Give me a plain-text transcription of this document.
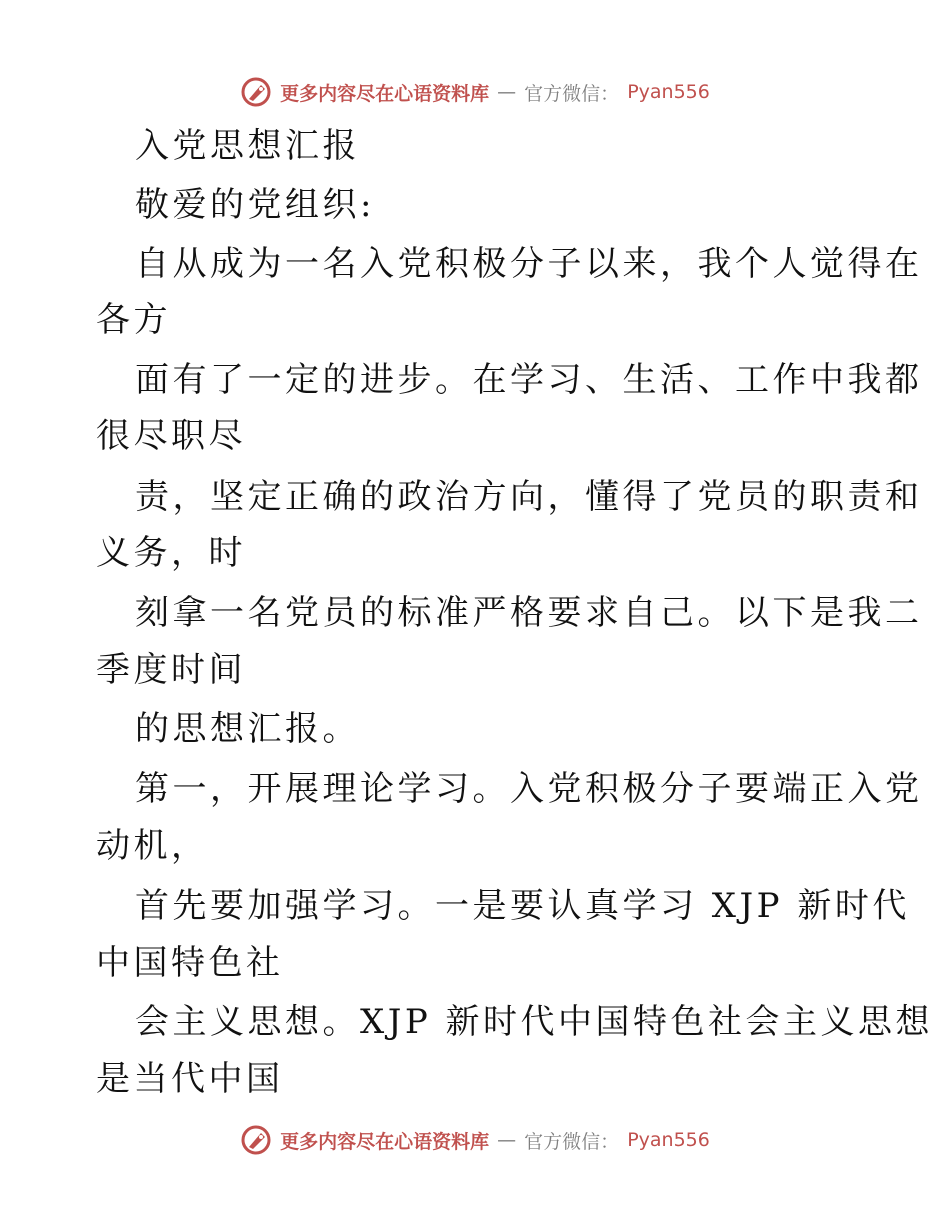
更多内容尽在心语资料库 — 官方微信： Pyan556
入党思想汇报
敬爱的党组织:
自从成为一名入党积极分子以来，我个人觉得在
各方
面有了一定的进步。在学习、生活、工作中我都
很尽职尽
责，坚定正确的政治方向，懂得了党员的职责和
义务，时
刻拿一名党员的标准严格要求自己。以下是我二
季度时间
的思想汇报。
第一，开展理论学习。入党积极分子要端正入党
动机，
首先要加强学习。一是要认真学习 XJP 新时代
中国特色社
会主义思想。XJP 新时代中国特色社会主义思想
是当代中国
更多内容尽在心语资料库 — 官方微信： Pyan556
